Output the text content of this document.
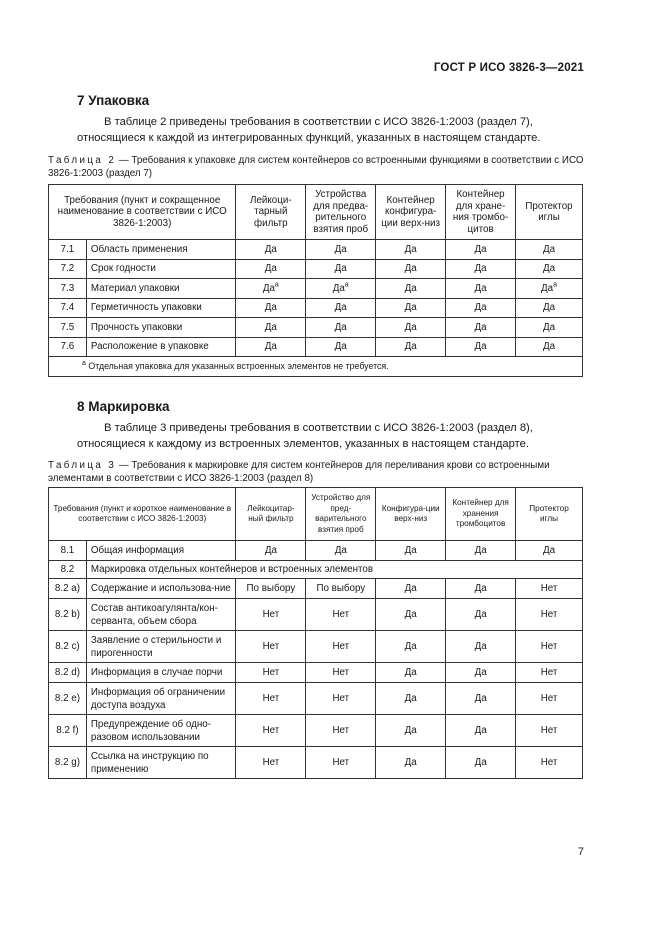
ГОСТ Р ИСО 3826-3—2021
7 Упаковка

В таблице 2 приведены требования в соответствии с ИСО 3826-1:2003 (раздел 7), относящиеся к каждой из интегрированных функций, указанных в настоящем стандарте.

Таблица 2 — Требования к упаковке для систем контейнеров со встроенными функциями в соответствии с ИСО 3826-1:2003 (раздел 7)

Требования (пункт и сокращенное наименование в соответствии с ИСО 3826-1:2003)		Лейкоци-тарный фильтр	Устройства для предва-рительного взятия проб	Контейнер конфигура-ции верх-низ	Контейнер для хране-ния тромбо-цитов	Протектор иглы
7.1	Область применения	Да	Да	Да	Да	Да
7.2	Срок годности	Да	Да	Да	Да	Да
7.3	Материал упаковки	$Да^a$	$Да^a$	Да	Да	$Да^a$
7.4	Герметичность упаковки	Да	Да	Да	Да	Да
7.5	Прочность упаковки	Да	Да	Да	Да	Да
7.6	Расположение в упаковке	Да	Да	Да	Да	Да
$^a$ Отдельная упаковка для указанных встроенных элементов не требуется.						
8 Маркировка

В таблице 3 приведены требования в соответствии с ИСО 3826-1:2003 (раздел 8), относящиеся к каждому из встроенных элементов, указанных в настоящем стандарте.

Таблица 3 — Требования к маркировке для систем контейнеров для переливания крови со встроенными элементами в соответствии с ИСО 3826-1:2003 (раздел 8)

Требования (пункт и короткое наименование в соответствии с ИСО 3826-1:2003)		Лейкоцитар-ный фильтр	Устройство для пред-варительного взятия проб	Конфигура-ции верх-низ	Контейнер для хранения тромбоцитов	Протектор иглы
8.1	Общая информация	Да	Да	Да	Да	Да
8.2	Маркировка отдельных контейнеров и встроенных элементов					
8.2 a)	Содержание и использова-ние	По выбору	По выбору	Да	Да	Нет
8.2 b)	Состав антикоагулянта/кон-серванта, объем сбора	Нет	Нет	Да	Да	Нет
8.2 c)	Заявление о стерильности и пирогенности	Нет	Нет	Да	Да	Нет
8.2 d)	Информация в случае порчи	Нет	Нет	Да	Да	Нет
8.2 e)	Информация об ограничении доступа воздуха	Нет	Нет	Да	Да	Нет
8.2 f)	Предупреждение об одно-разовом использовании	Нет	Нет	Да	Да	Нет
8.2 g)	Ссылка на инструкцию по применению	Нет	Нет	Да	Да	Нет
7
